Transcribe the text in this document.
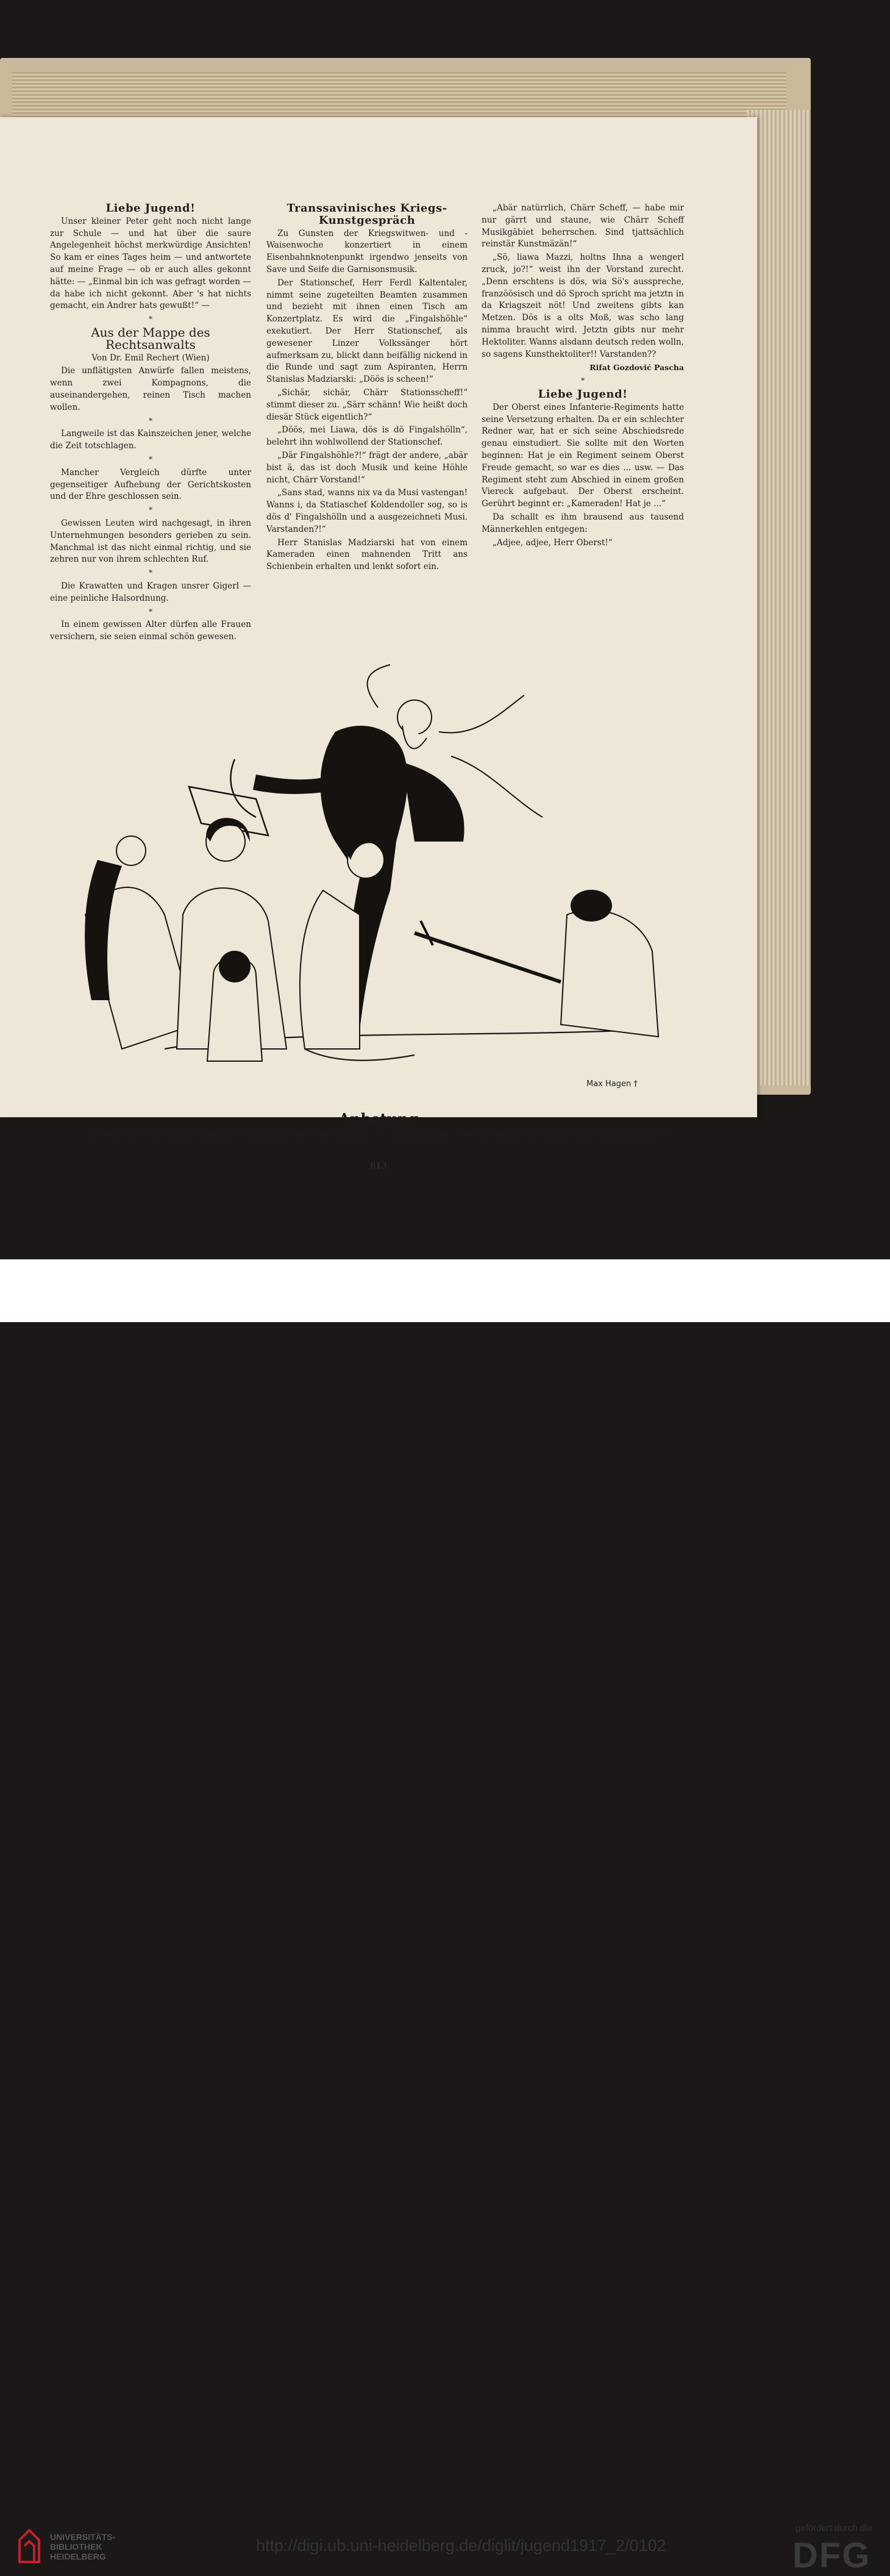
Liebe Jugend!

Unser kleiner Peter geht noch nicht lange zur Schule — und hat über die saure Angelegenheit höchst merkwürdige Ansichten! So kam er eines Tages heim — und antwortete auf meine Frage — ob er auch alles gekonnt hätte: — „Einmal bin ich was gefragt worden — da habe ich nicht gekonnt. Aber 's hat nichts gemacht, ein Andrer hats gewußt!“ —

*

Aus der Mappe des Rechtsanwalts

Von Dr. Emil Rechert (Wien)

Die unflätigsten Anwürfe fallen meistens, wenn zwei Kompagnons, die auseinandergehen, reinen Tisch machen wollen.

*

Langweile ist das Kainszeichen jener, welche die Zeit totschlagen.

*

Mancher Vergleich dürfte unter gegenseitiger Aufhebung der Gerichtskosten und der Ehre geschlossen sein.

*

Gewissen Leuten wird nachgesagt, in ihren Unternehmungen besonders gerieben zu sein. Manchmal ist das nicht einmal richtig, und sie zehren nur von ihrem schlechten Ruf.

*

Die Krawatten und Kragen unsrer Gigerl — eine peinliche Halsordnung.

*

In einem gewissen Alter dürfen alle Frauen versichern, sie seien einmal schön gewesen.

Transsavinisches Kriegs-Kunstgespräch

Zu Gunsten der Kriegswitwen- und -Waisenwoche konzertiert in einem Eisenbahnknotenpunkt irgendwo jenseits von Save und Seife die Garnisonsmusik.

Der Stationschef, Herr Ferdl Kaltentaler, nimmt seine zugeteilten Beamten zusammen und bezieht mit ihnen einen Tisch am Konzertplatz. Es wird die „Fingalshöhle“ exekutiert. Der Herr Stationschef, als gewesener Linzer Volkssänger hört aufmerksam zu, blickt dann beifällig nickend in die Runde und sagt zum Aspiranten, Herrn Stanislas Madziarski: „Döös is scheen!“

„Sichär, sichär, Chärr Stationsscheff!“ stimmt dieser zu. „Särr schänn! Wie heißt doch diesär Stück eigentlich?“

„Döös, mei Liawa, dös is dö Fingalshölln“, belehrt ihn wohlwollend der Stationschef.

„Där Fingalshöhle?!“ frägt der andere, „abär bist ä, das ist doch Musik und keine Höhle nicht, Chärr Vorstand!“

„Sans stad, wanns nix va da Musi vastengan! Wanns i, da Statiaschef Koldendoller sog, so is dös d' Fingalshölln und a ausgezeichneti Musi. Varstanden?!“

Herr Stanislas Madziarski hat von einem Kameraden einen mahnenden Tritt ans Schienbein erhalten und lenkt sofort ein.

„Abär natürrlich, Chärr Scheff, — habe mir nur gärrt und staune, wie Chärr Scheff Musikgäbiet beherrschen. Sind tjattsächlich reinstär Kunstmäzän!“

„Sö, liawa Mazzi, holtns Ihna a wengerl zruck, jo?!“ weist ihn der Vorstand zurecht. „Denn erschtens is dös, wia Sö's ausspreche, franzöösisch und dö Sproch spricht ma jetztn in da Kriagszeit nöt! Und zweitens gibts kan Metzen. Dös is a olts Moß, was scho lang nimma braucht wird. Jetztn gibts nur mehr Hektoliter. Wanns alsdann deutsch reden wolln, so sagens Kunsthektoliter!! Varstanden??

Rifat Gozdović Pascha

*

Liebe Jugend!

Der Oberst eines Infanterie-Regiments hatte seine Versetzung erhalten. Da er ein schlechter Redner war, hat er sich seine Abschiedsrede genau einstudiert. Sie sollte mit den Worten beginnen: Hat je ein Regiment seinem Oberst Freude gemacht, so war es dies ... usw. — Das Regiment steht zum Abschied in einem großen Viereck aufgebaut. Der Oberst erscheint. Gerührt beginnt er: „Kameraden! Hat je ...“

Da schallt es ihm brausend aus tausend Männerkehlen entgegen:

„Adjee, adjee, Herr Oberst!“

Max Hagen †
Anbetung
„Göttlicher Meister, fordern Sie von mir, was Sie wollen!“ — „Dann, bitte, treten Sie mir ein paar Fleischmarken ab!“
613
UNIVERSITÄTS-
BIBLIOTHEK
HEIDELBERG
http://digi.ub.uni-heidelberg.de/diglit/jugend1917_2/0102
gefördert durch die
DFG
